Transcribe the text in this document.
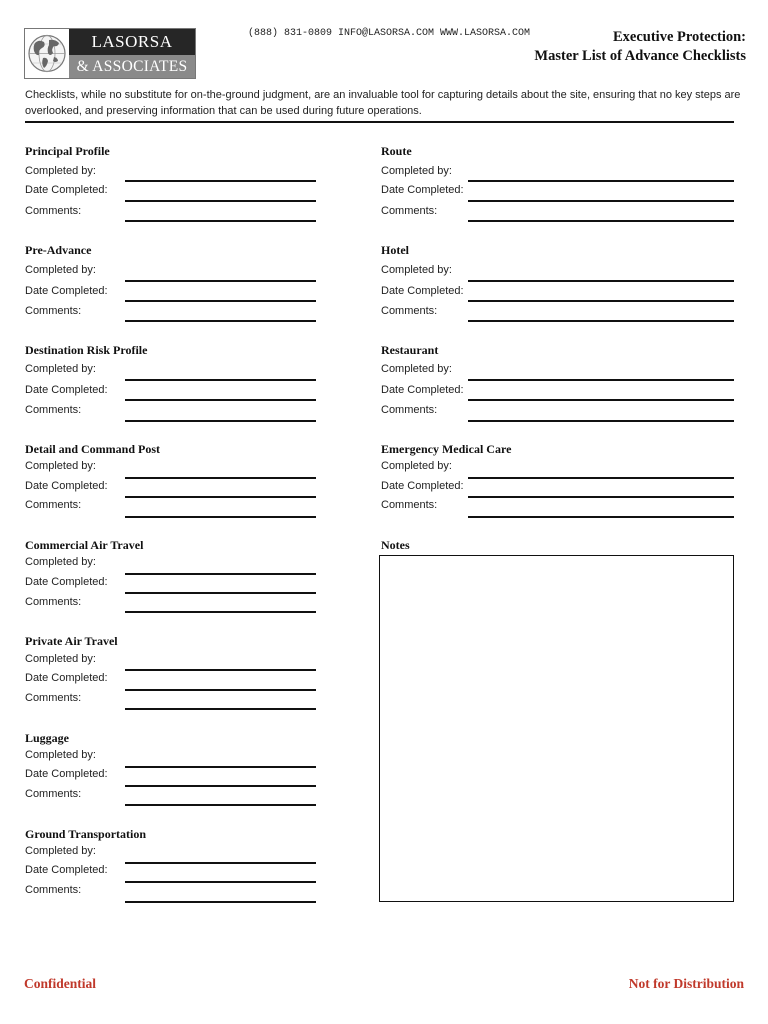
LASORSA
& ASSOCIATES
(888) 831-0809 INFO@LASORSA.COM WWW.LASORSA.COM	Executive Protection:
Master List of Advance Checklists
Checklists, while no substitute for on-the-ground judgment, are an invaluable tool for capturing details about the site, ensuring that no key steps are overlooked, and preserving information that can be used during future operations.
Principal Profile
Completed by:
Date Completed:
Comments:
Pre-Advance
Completed by:
Date Completed:
Comments:
Destination Risk Profile
Completed by:
Date Completed:
Comments:
Detail and Command Post
Completed by:
Date Completed:
Comments:
Commercial Air Travel
Completed by:
Date Completed:
Comments:
Private Air Travel
Completed by:
Date Completed:
Comments:
Luggage
Completed by:
Date Completed:
Comments:
Ground Transportation
Completed by:
Date Completed:
Comments:
Route
Completed by:
Date Completed:
Comments:
Hotel
Completed by:
Date Completed:
Comments:
Restaurant
Completed by:
Date Completed:
Comments:
Emergency Medical Care
Completed by:
Date Completed:
Comments:
Notes
Confidential	Not for Distribution
